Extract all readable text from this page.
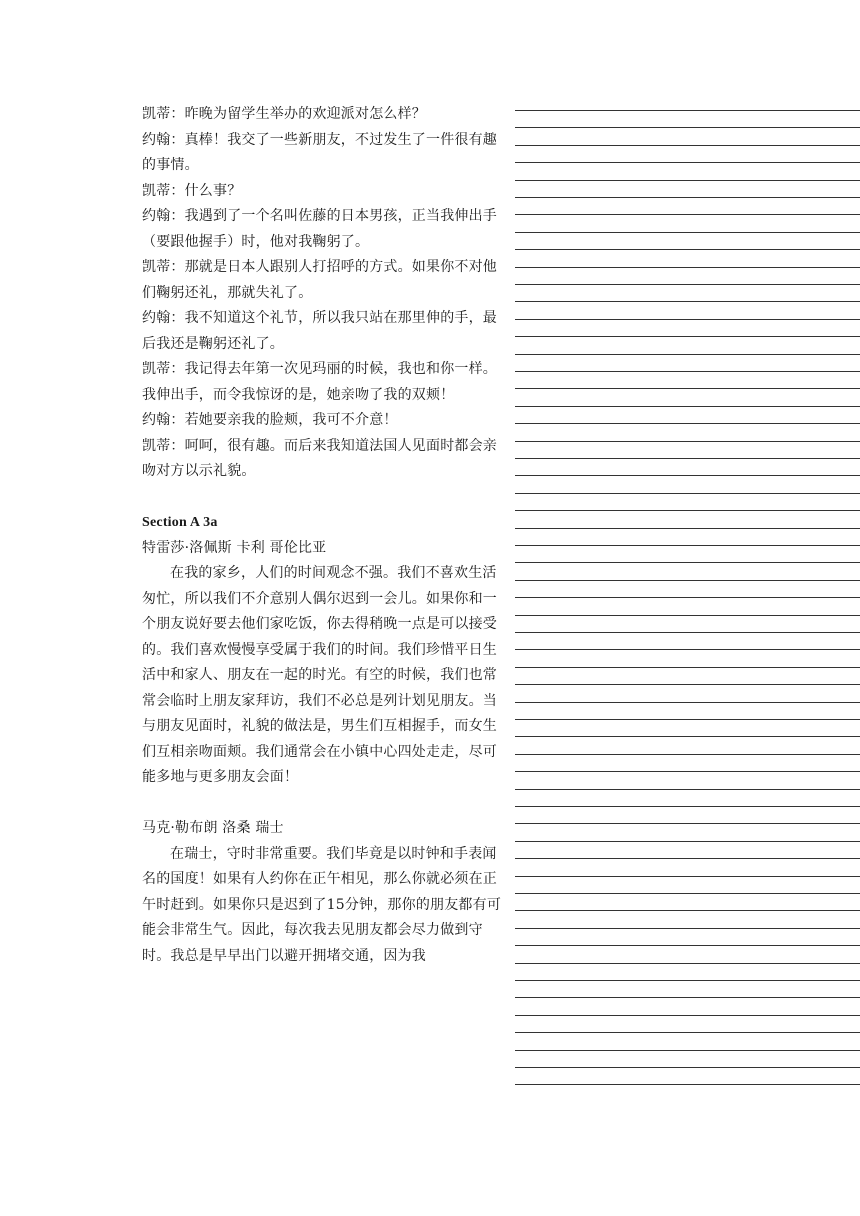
凯蒂：昨晚为留学生举办的欢迎派对怎么样？

约翰：真棒！我交了一些新朋友，不过发生了一件很有趣的事情。

凯蒂：什么事？

约翰：我遇到了一个名叫佐藤的日本男孩，正当我伸出手（要跟他握手）时，他对我鞠躬了。

凯蒂：那就是日本人跟别人打招呼的方式。如果你不对他们鞠躬还礼，那就失礼了。

约翰：我不知道这个礼节，所以我只站在那里伸的手，最后我还是鞠躬还礼了。

凯蒂：我记得去年第一次见玛丽的时候，我也和你一样。我伸出手，而令我惊讶的是，她亲吻了我的双颊！

约翰：若她要亲我的脸颊，我可不介意！

凯蒂：呵呵，很有趣。而后来我知道法国人见面时都会亲吻对方以示礼貌。

Section A 3a

特雷莎·洛佩斯 卡利 哥伦比亚

在我的家乡，人们的时间观念不强。我们不喜欢生活匆忙，所以我们不介意别人偶尔迟到一会儿。如果你和一个朋友说好要去他们家吃饭，你去得稍晚一点是可以接受的。我们喜欢慢慢享受属于我们的时间。我们珍惜平日生活中和家人、朋友在一起的时光。有空的时候，我们也常常会临时上朋友家拜访，我们不必总是列计划见朋友。当与朋友见面时，礼貌的做法是，男生们互相握手，而女生们互相亲吻面颊。我们通常会在小镇中心四处走走，尽可能多地与更多朋友会面！

马克·勒布朗 洛桑 瑞士

在瑞士，守时非常重要。我们毕竟是以时钟和手表闻名的国度！如果有人约你在正午相见，那么你就必须在正午时赶到。如果你只是迟到了15分钟，那你的朋友都有可能会非常生气。因此，每次我去见朋友都会尽力做到守时。我总是早早出门以避开拥堵交通，因为我
